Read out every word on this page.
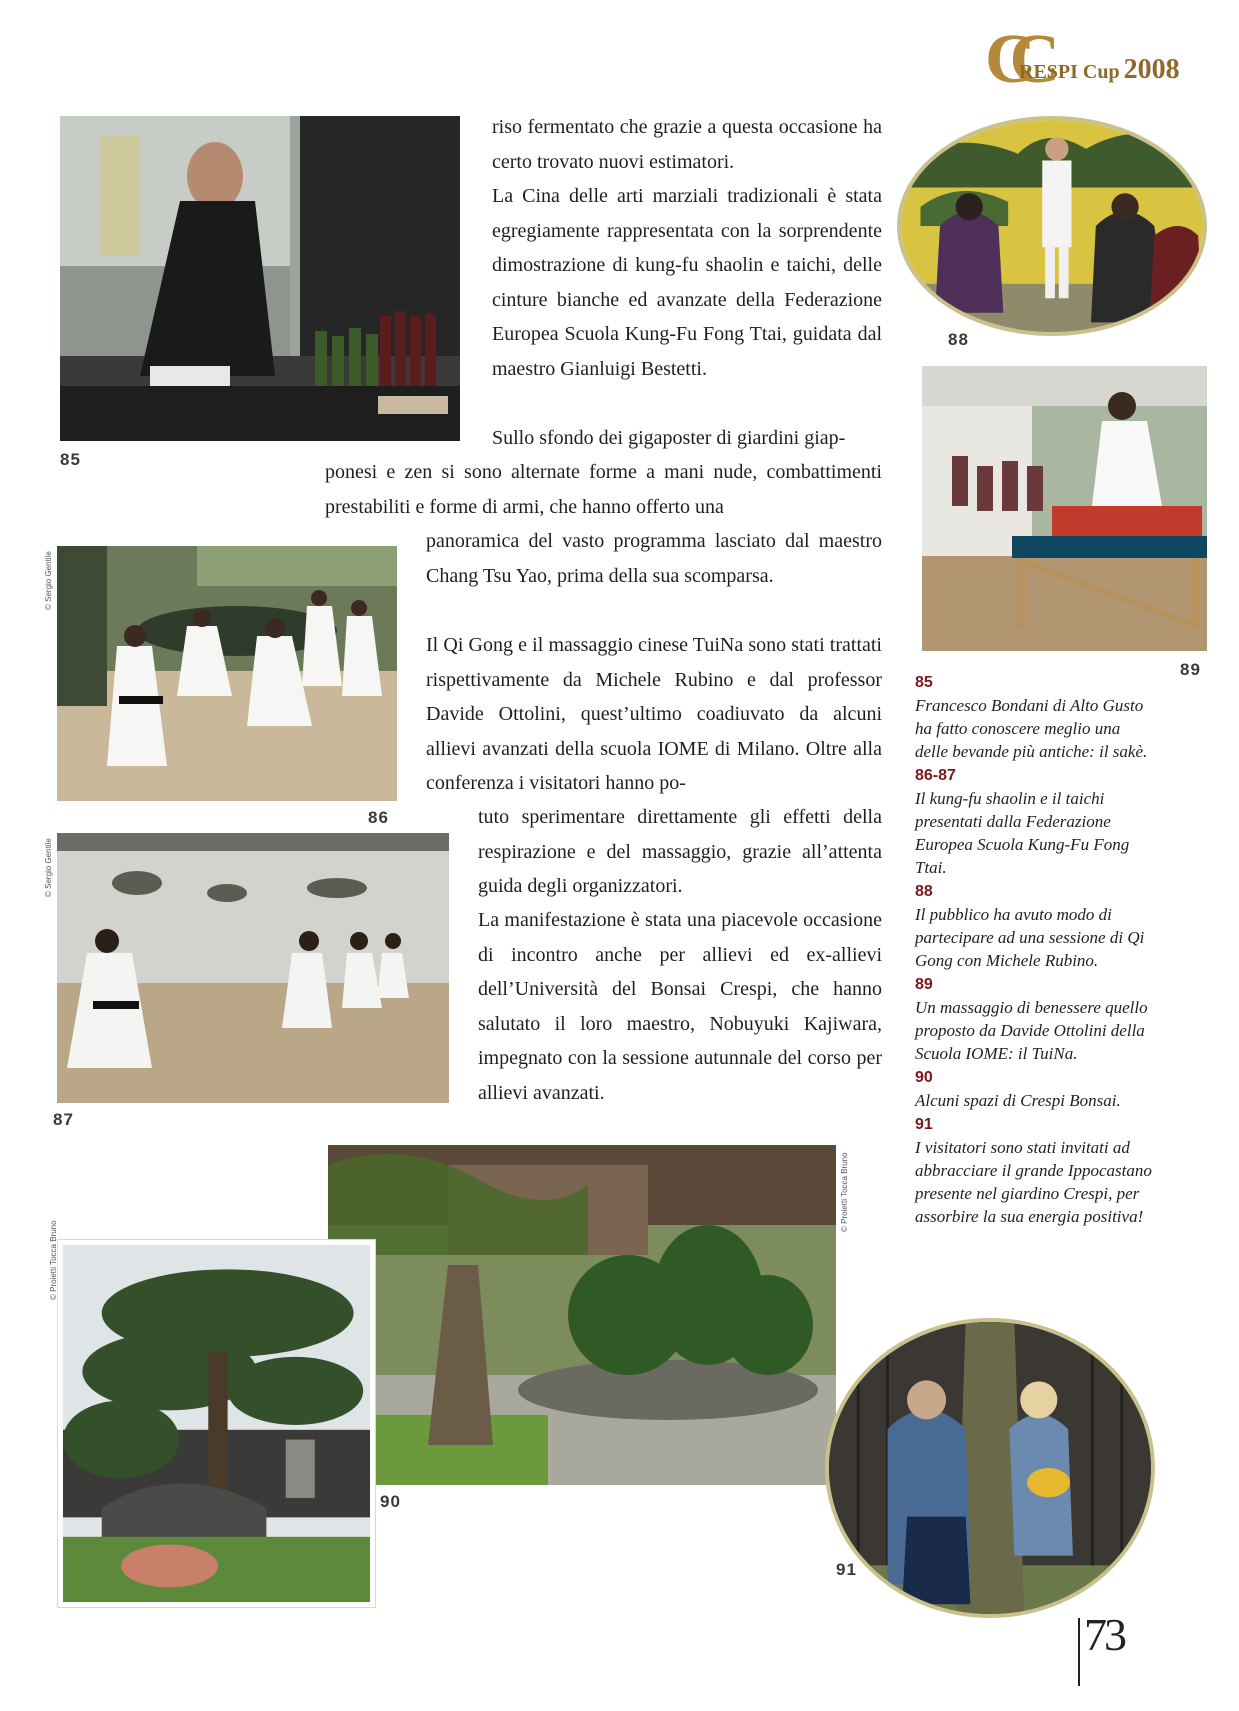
CC
RESPI Cup 2008
85
88
89
86
© Sergio Gentile
87
© Sergio Gentile
90
© Proietti Tocca Bruno
© Proietti Tocca Bruno
91

riso fermentato che grazie a questa occasione ha certo trovato nuovi estimatori.

La Cina delle arti marziali tradizionali è stata egregiamente rappresentata con la sorprendente dimostrazione di kung-fu shaolin e taichi, delle cinture bianche ed avanzate della Federazione Europea Scuola Kung-Fu Fong Ttai, guidata dal maestro Gianluigi Bestetti.

Sullo sfondo dei gigaposter di giardini giap-

ponesi e zen si sono alternate forme a mani nude, combattimenti prestabiliti e forme di armi, che hanno offerto una

panoramica del vasto programma lasciato dal maestro Chang Tsu Yao, prima della sua scomparsa.

Il Qi Gong e il massaggio cinese TuiNa sono stati trattati rispettivamente da Michele Rubino e dal professor Davide Ottolini, quest’ultimo coadiuvato da alcuni allievi avanzati della scuola IOME di Milano. Oltre alla conferenza i visitatori hanno po-

tuto sperimentare direttamente gli effetti della respirazione e del massaggio, grazie all’attenta guida degli organizzatori.

La manifestazione è stata una piacevole occasione di incontro anche per allievi ed ex-allievi dell’Università del Bonsai Crespi, che hanno salutato il loro maestro, Nobuyuki Kajiwara, impegnato con la sessione autunnale del corso per allievi avanzati.

85
Francesco Bondani di Alto Gusto ha fatto conoscere meglio una delle bevande più antiche: il sakè.
86-87
Il kung-fu shaolin e il taichi presentati dalla Federazione Europea Scuola Kung-Fu Fong Ttai.
88
Il pubblico ha avuto modo di partecipare ad una sessione di Qi Gong con Michele Rubino.
89
Un massaggio di benessere quello proposto da Davide Ottolini della Scuola IOME: il TuiNa.
90
Alcuni spazi di Crespi Bonsai.
91
I visitatori sono stati invitati ad abbracciare il grande Ippocastano presente nel giardino Crespi, per assorbire la sua energia positiva!
73
